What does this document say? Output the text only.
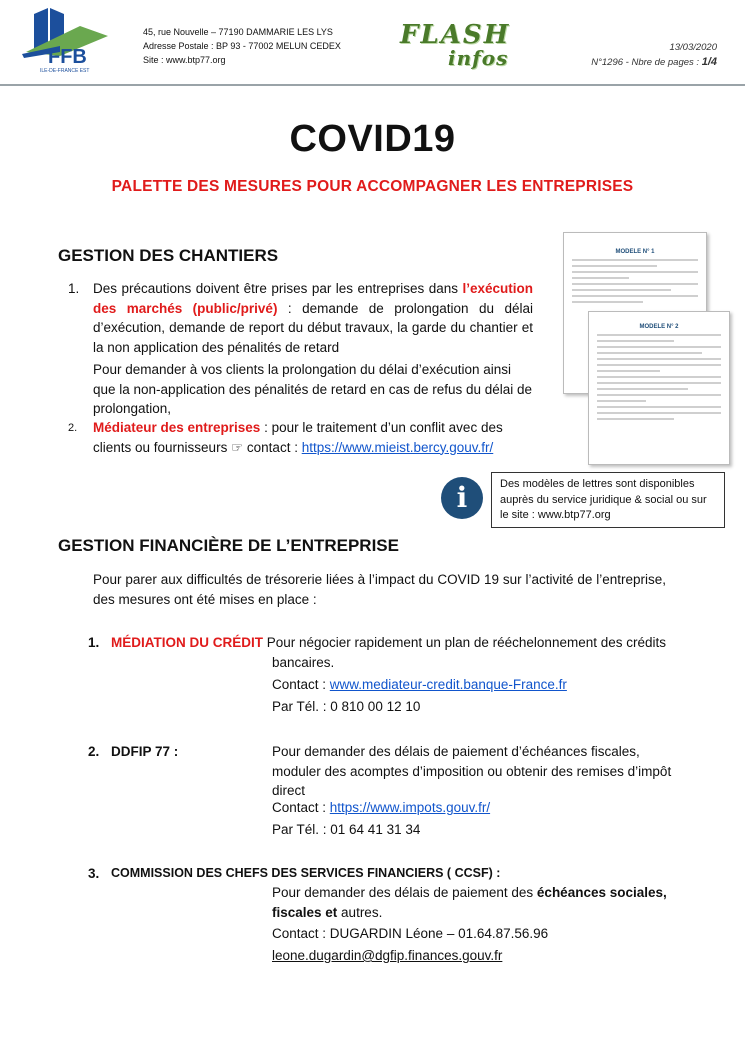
FFB
ILE-DE-FRANCE EST
45, rue Nouvelle – 77190 DAMMARIE LES LYS
Adresse Postale : BP 93 - 77002 MELUN CEDEX
Site : www.btp77.org
FLASH
infos	13/03/2020
N°1296 - Nbre de pages : 1/4
COVID19
PALETTE DES MESURES POUR ACCOMPAGNER LES ENTREPRISES
GESTION DES CHANTIERS
1. Des précautions doivent être prises par les entreprises dans l’exécution des marchés (public/privé) : demande de prolongation du délai d’exécution, demande de report du début travaux, la garde du chantier et la non application des pénalités de retard
Pour demander à vos clients la prolongation du délai d’exécution ainsi que la non-application des pénalités de retard en cas de refus du délai de prolongation,
2. Médiateur des entreprises : pour le traitement d’un conflit avec des clients ou fournisseurs ☞ contact : https://www.mieist.bercy.gouv.fr/
MODELE N° 1
MODELE N° 2
i	Des modèles de lettres sont disponibles auprès du service juridique & social ou sur le site : www.btp77.org
GESTION FINANCIÈRE DE L’ENTREPRISE
Pour parer aux difficultés de trésorerie liées à l’impact du COVID 19 sur l’activité de l’entreprise, des mesures ont été mises en place :
1. MÉDIATION DU CRÉDIT Pour négocier rapidement un plan de rééchelonnement des crédits
bancaires.
Contact : www.mediateur-credit.banque-France.fr
Par Tél. : 0 810 00 12 10
2. DDFIP 77 :	Pour demander des délais de paiement d’échéances fiscales, moduler des acomptes d’imposition ou obtenir des remises d’impôt direct
Contact : https://www.impots.gouv.fr/
Par Tél. : 01 64 41 31 34
3. COMMISSION DES CHEFS DES SERVICES FINANCIERS ( CCSF) :
Pour demander des délais de paiement des échéances sociales, fiscales et autres.
Contact : DUGARDIN Léone – 01.64.87.56.96
leone.dugardin@dgfip.finances.gouv.fr
